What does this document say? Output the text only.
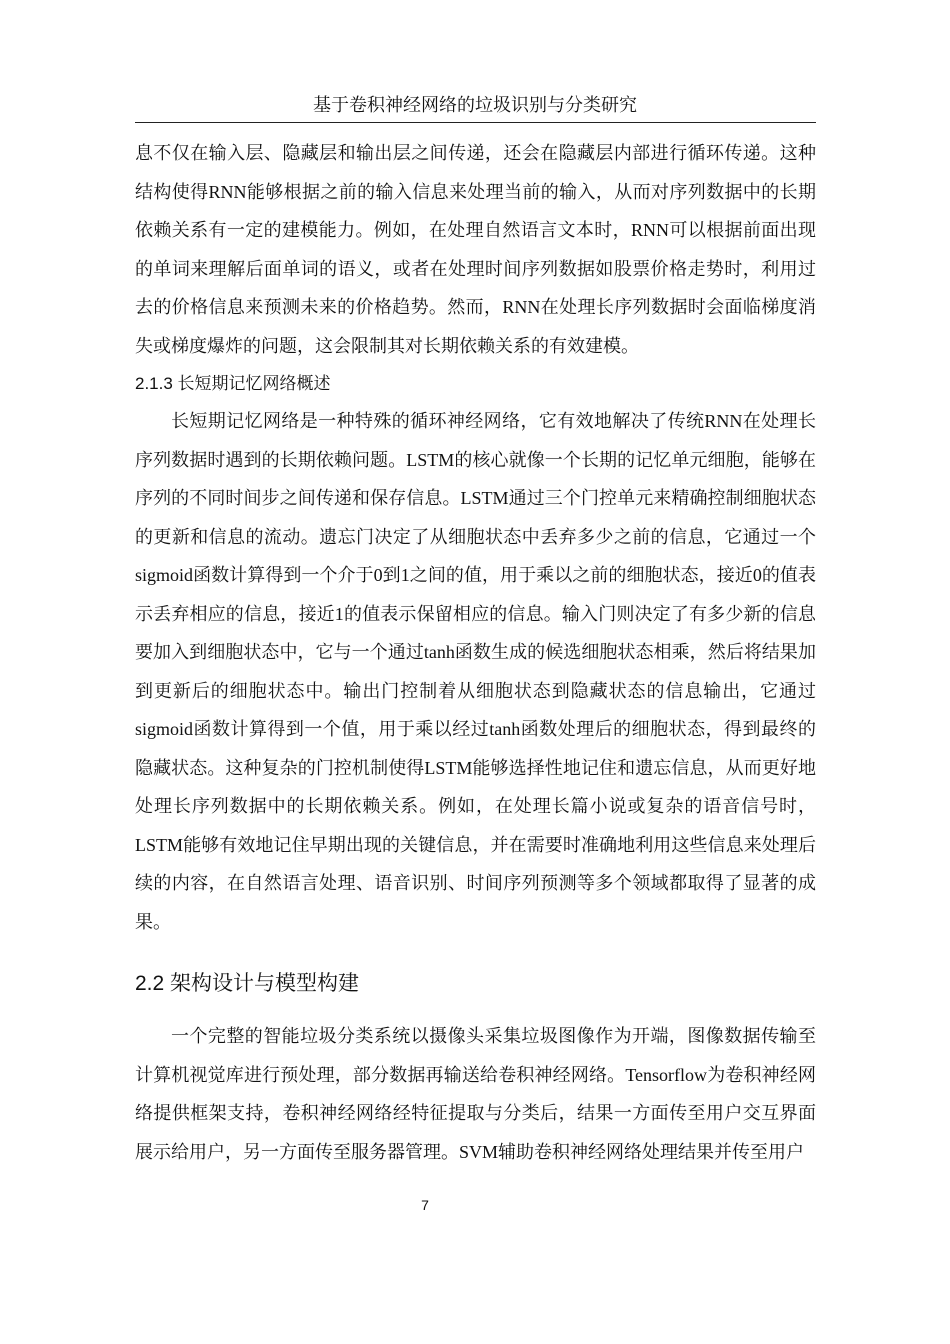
基于卷积神经网络的垃圾识别与分类研究

息不仅在输入层、隐藏层和输出层之间传递，还会在隐藏层内部进行循环传递。这种结构使得RNN能够根据之前的输入信息来处理当前的输入，从而对序列数据中的长期依赖关系有一定的建模能力。例如，在处理自然语言文本时，RNN可以根据前面出现的单词来理解后面单词的语义，或者在处理时间序列数据如股票价格走势时，利用过去的价格信息来预测未来的价格趋势。然而，RNN在处理长序列数据时会面临梯度消失或梯度爆炸的问题，这会限制其对长期依赖关系的有效建模。

2.1.3 长短期记忆网络概述

长短期记忆网络是一种特殊的循环神经网络，它有效地解决了传统RNN在处理长序列数据时遇到的长期依赖问题。LSTM的核心就像一个长期的记忆单元细胞，能够在序列的不同时间步之间传递和保存信息。LSTM通过三个门控单元来精确控制细胞状态的更新和信息的流动。遗忘门决定了从细胞状态中丢弃多少之前的信息，它通过一个sigmoid函数计算得到一个介于0到1之间的值，用于乘以之前的细胞状态，接近0的值表示丢弃相应的信息，接近1的值表示保留相应的信息。输入门则决定了有多少新的信息要加入到细胞状态中，它与一个通过tanh函数生成的候选细胞状态相乘，然后将结果加到更新后的细胞状态中。输出门控制着从细胞状态到隐藏状态的信息输出，它通过sigmoid函数计算得到一个值，用于乘以经过tanh函数处理后的细胞状态，得到最终的隐藏状态。这种复杂的门控机制使得LSTM能够选择性地记住和遗忘信息，从而更好地处理长序列数据中的长期依赖关系。例如，在处理长篇小说或复杂的语音信号时，LSTM能够有效地记住早期出现的关键信息，并在需要时准确地利用这些信息来处理后续的内容，在自然语言处理、语音识别、时间序列预测等多个领域都取得了显著的成果。

2.2 架构设计与模型构建

一个完整的智能垃圾分类系统以摄像头采集垃圾图像作为开端，图像数据传输至计算机视觉库进行预处理，部分数据再输送给卷积神经网络。Tensorflow为卷积神经网络提供框架支持，卷积神经网络经特征提取与分类后，结果一方面传至用户交互界面展示给用户，另一方面传至服务器管理。SVM辅助卷积神经网络处理结果并传至用户

7
